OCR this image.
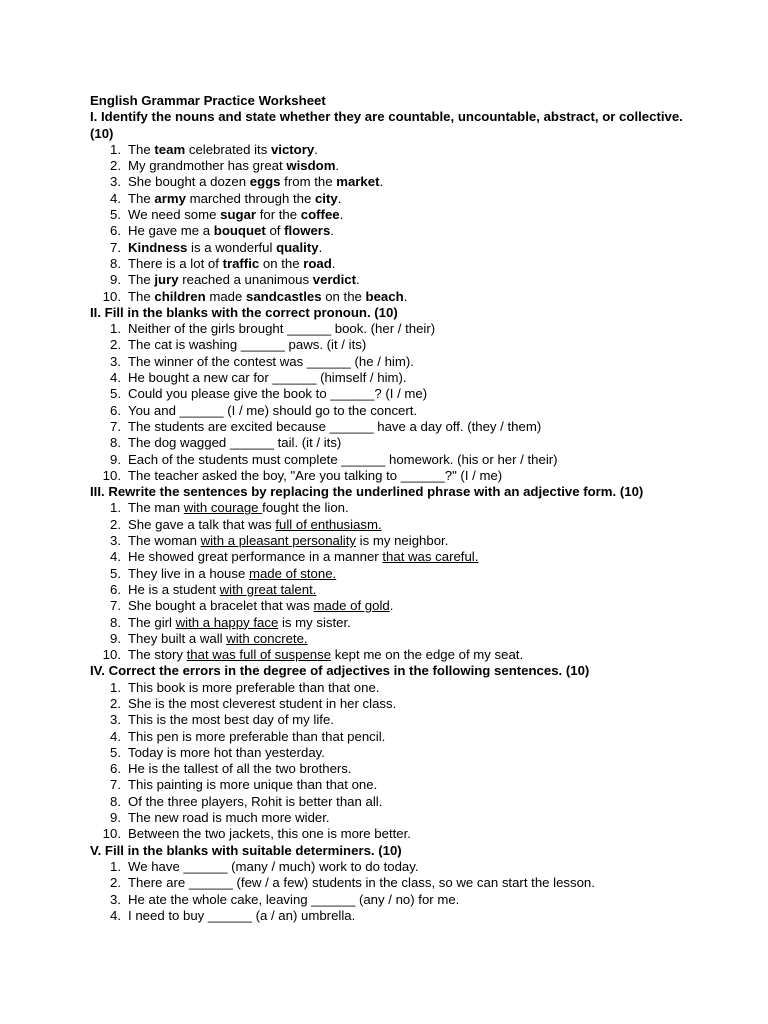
English Grammar Practice Worksheet
I. Identify the nouns and state whether they are countable, uncountable, abstract, or collective. (10)
1. The team celebrated its victory.
2. My grandmother has great wisdom.
3. She bought a dozen eggs from the market.
4. The army marched through the city.
5. We need some sugar for the coffee.
6. He gave me a bouquet of flowers.
7. Kindness is a wonderful quality.
8. There is a lot of traffic on the road.
9. The jury reached a unanimous verdict.
10. The children made sandcastles on the beach.
II. Fill in the blanks with the correct pronoun. (10)
1. Neither of the girls brought ______ book. (her / their)
2. The cat is washing ______ paws. (it / its)
3. The winner of the contest was ______ (he / him).
4. He bought a new car for ______ (himself / him).
5. Could you please give the book to ______? (I / me)
6. You and ______ (I / me) should go to the concert.
7. The students are excited because ______ have a day off. (they / them)
8. The dog wagged ______ tail. (it / its)
9. Each of the students must complete ______ homework. (his or her / their)
10. The teacher asked the boy, "Are you talking to ______?" (I / me)
III. Rewrite the sentences by replacing the underlined phrase with an adjective form. (10)
1. The man with courage fought the lion.
2. She gave a talk that was full of enthusiasm.
3. The woman with a pleasant personality is my neighbor.
4. He showed great performance in a manner that was careful.
5. They live in a house made of stone.
6. He is a student with great talent.
7. She bought a bracelet that was made of gold.
8. The girl with a happy face is my sister.
9. They built a wall with concrete.
10. The story that was full of suspense kept me on the edge of my seat.
IV. Correct the errors in the degree of adjectives in the following sentences. (10)
1. This book is more preferable than that one.
2. She is the most cleverest student in her class.
3. This is the most best day of my life.
4. This pen is more preferable than that pencil.
5. Today is more hot than yesterday.
6. He is the tallest of all the two brothers.
7. This painting is more unique than that one.
8. Of the three players, Rohit is better than all.
9. The new road is much more wider.
10. Between the two jackets, this one is more better.
V. Fill in the blanks with suitable determiners. (10)
1. We have ______ (many / much) work to do today.
2. There are ______ (few / a few) students in the class, so we can start the lesson.
3. He ate the whole cake, leaving ______ (any / no) for me.
4. I need to buy ______ (a / an) umbrella.
